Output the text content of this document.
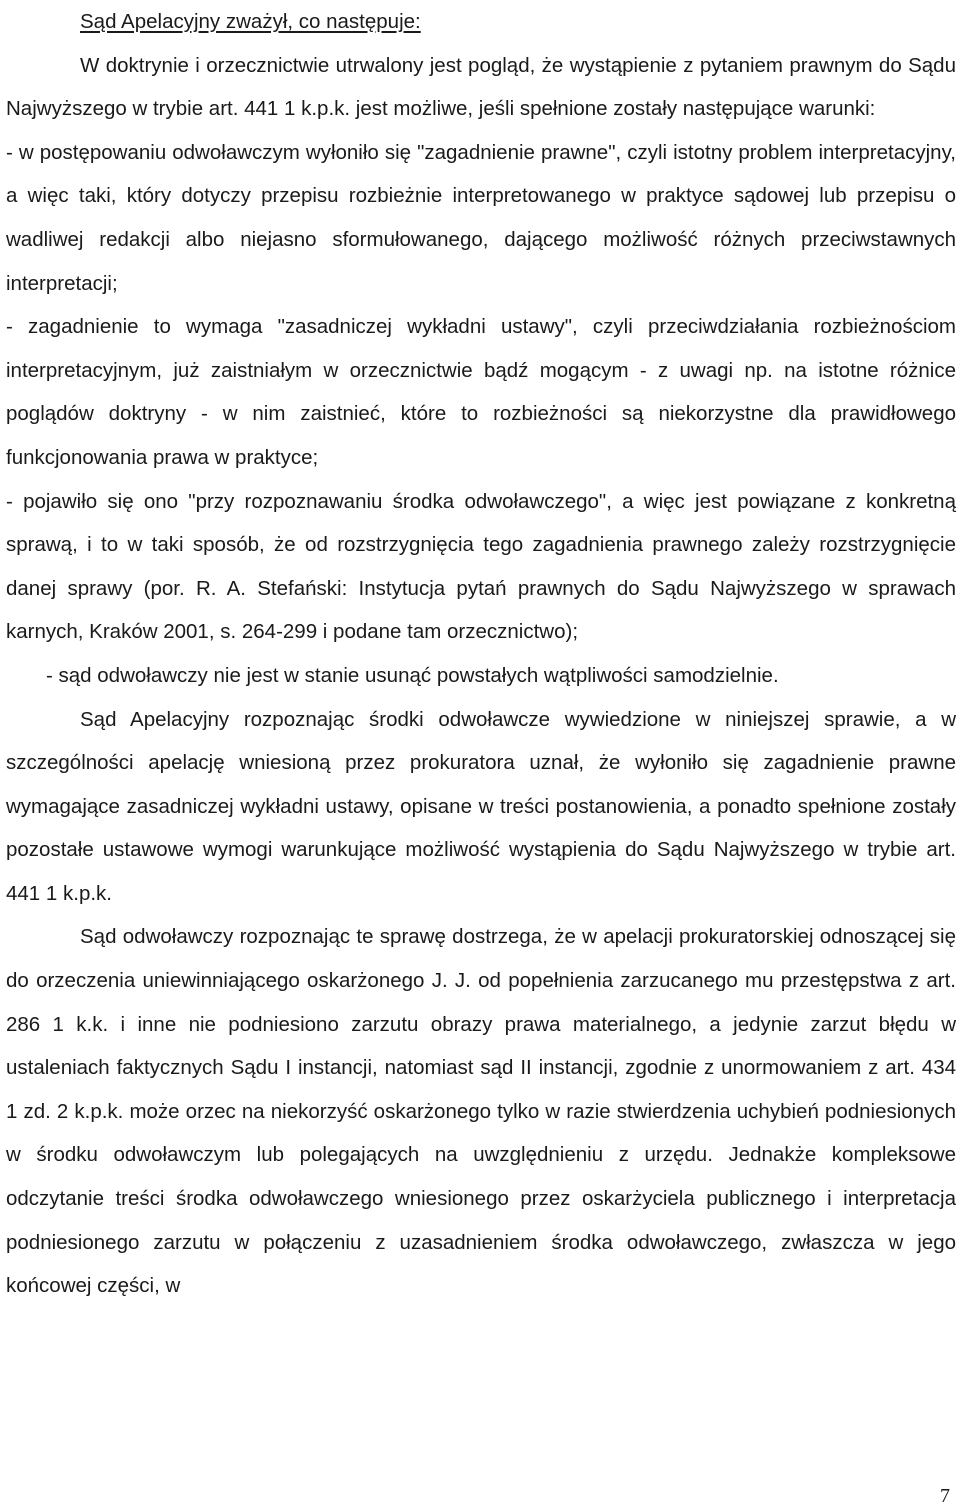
Sąd Apelacyjny zważył, co następuje:

W doktrynie i orzecznictwie utrwalony jest pogląd, że wystąpienie z pytaniem prawnym do Sądu Najwyższego w trybie art. 441 1 k.p.k. jest możliwe, jeśli spełnione zostały następujące warunki:

- w postępowaniu odwoławczym wyłoniło się "zagadnienie prawne", czyli istotny problem interpretacyjny, a więc taki, który dotyczy przepisu rozbieżnie interpretowanego w praktyce sądowej lub przepisu o wadliwej redakcji albo niejasno sformułowanego, dającego możliwość różnych przeciwstawnych interpretacji;

- zagadnienie to wymaga "zasadniczej wykładni ustawy", czyli przeciwdziałania rozbieżnościom interpretacyjnym, już zaistniałym w orzecznictwie bądź mogącym - z uwagi np. na istotne różnice poglądów doktryny - w nim zaistnieć, które to rozbieżności są niekorzystne dla prawidłowego funkcjonowania prawa w praktyce;

- pojawiło się ono "przy rozpoznawaniu środka odwoławczego", a więc jest powiązane z konkretną sprawą, i to w taki sposób, że od rozstrzygnięcia tego zagadnienia prawnego zależy rozstrzygnięcie danej sprawy (por. R. A. Stefański: Instytucja pytań prawnych do Sądu Najwyższego w sprawach karnych, Kraków 2001, s. 264-299 i podane tam orzecznictwo);

- sąd odwoławczy nie jest w stanie usunąć powstałych wątpliwości samodzielnie.

Sąd Apelacyjny rozpoznając środki odwoławcze wywiedzione w niniejszej sprawie, a w szczególności apelację wniesioną przez prokuratora uznał, że wyłoniło się zagadnienie prawne wymagające zasadniczej wykładni ustawy, opisane w treści postanowienia, a ponadto spełnione zostały pozostałe ustawowe wymogi warunkujące możliwość wystąpienia do Sądu Najwyższego w trybie art. 441 1 k.p.k.

Sąd odwoławczy rozpoznając te sprawę dostrzega, że w apelacji prokuratorskiej odnoszącej się do orzeczenia uniewinniającego oskarżonego J. J. od popełnienia zarzucanego mu przestępstwa z art. 286 1 k.k. i inne nie podniesiono zarzutu obrazy prawa materialnego, a jedynie zarzut błędu w ustaleniach faktycznych Sądu I instancji, natomiast sąd II instancji, zgodnie z unormowaniem z art. 434 1 zd. 2 k.p.k. może orzec na niekorzyść oskarżonego tylko w razie stwierdzenia uchybień podniesionych w środku odwoławczym lub polegających na uwzględnieniu z urzędu. Jednakże kompleksowe odczytanie treści środka odwoławczego wniesionego przez oskarżyciela publicznego i interpretacja podniesionego zarzutu w połączeniu z uzasadnieniem środka odwoławczego, zwłaszcza w jego końcowej części, w

7
